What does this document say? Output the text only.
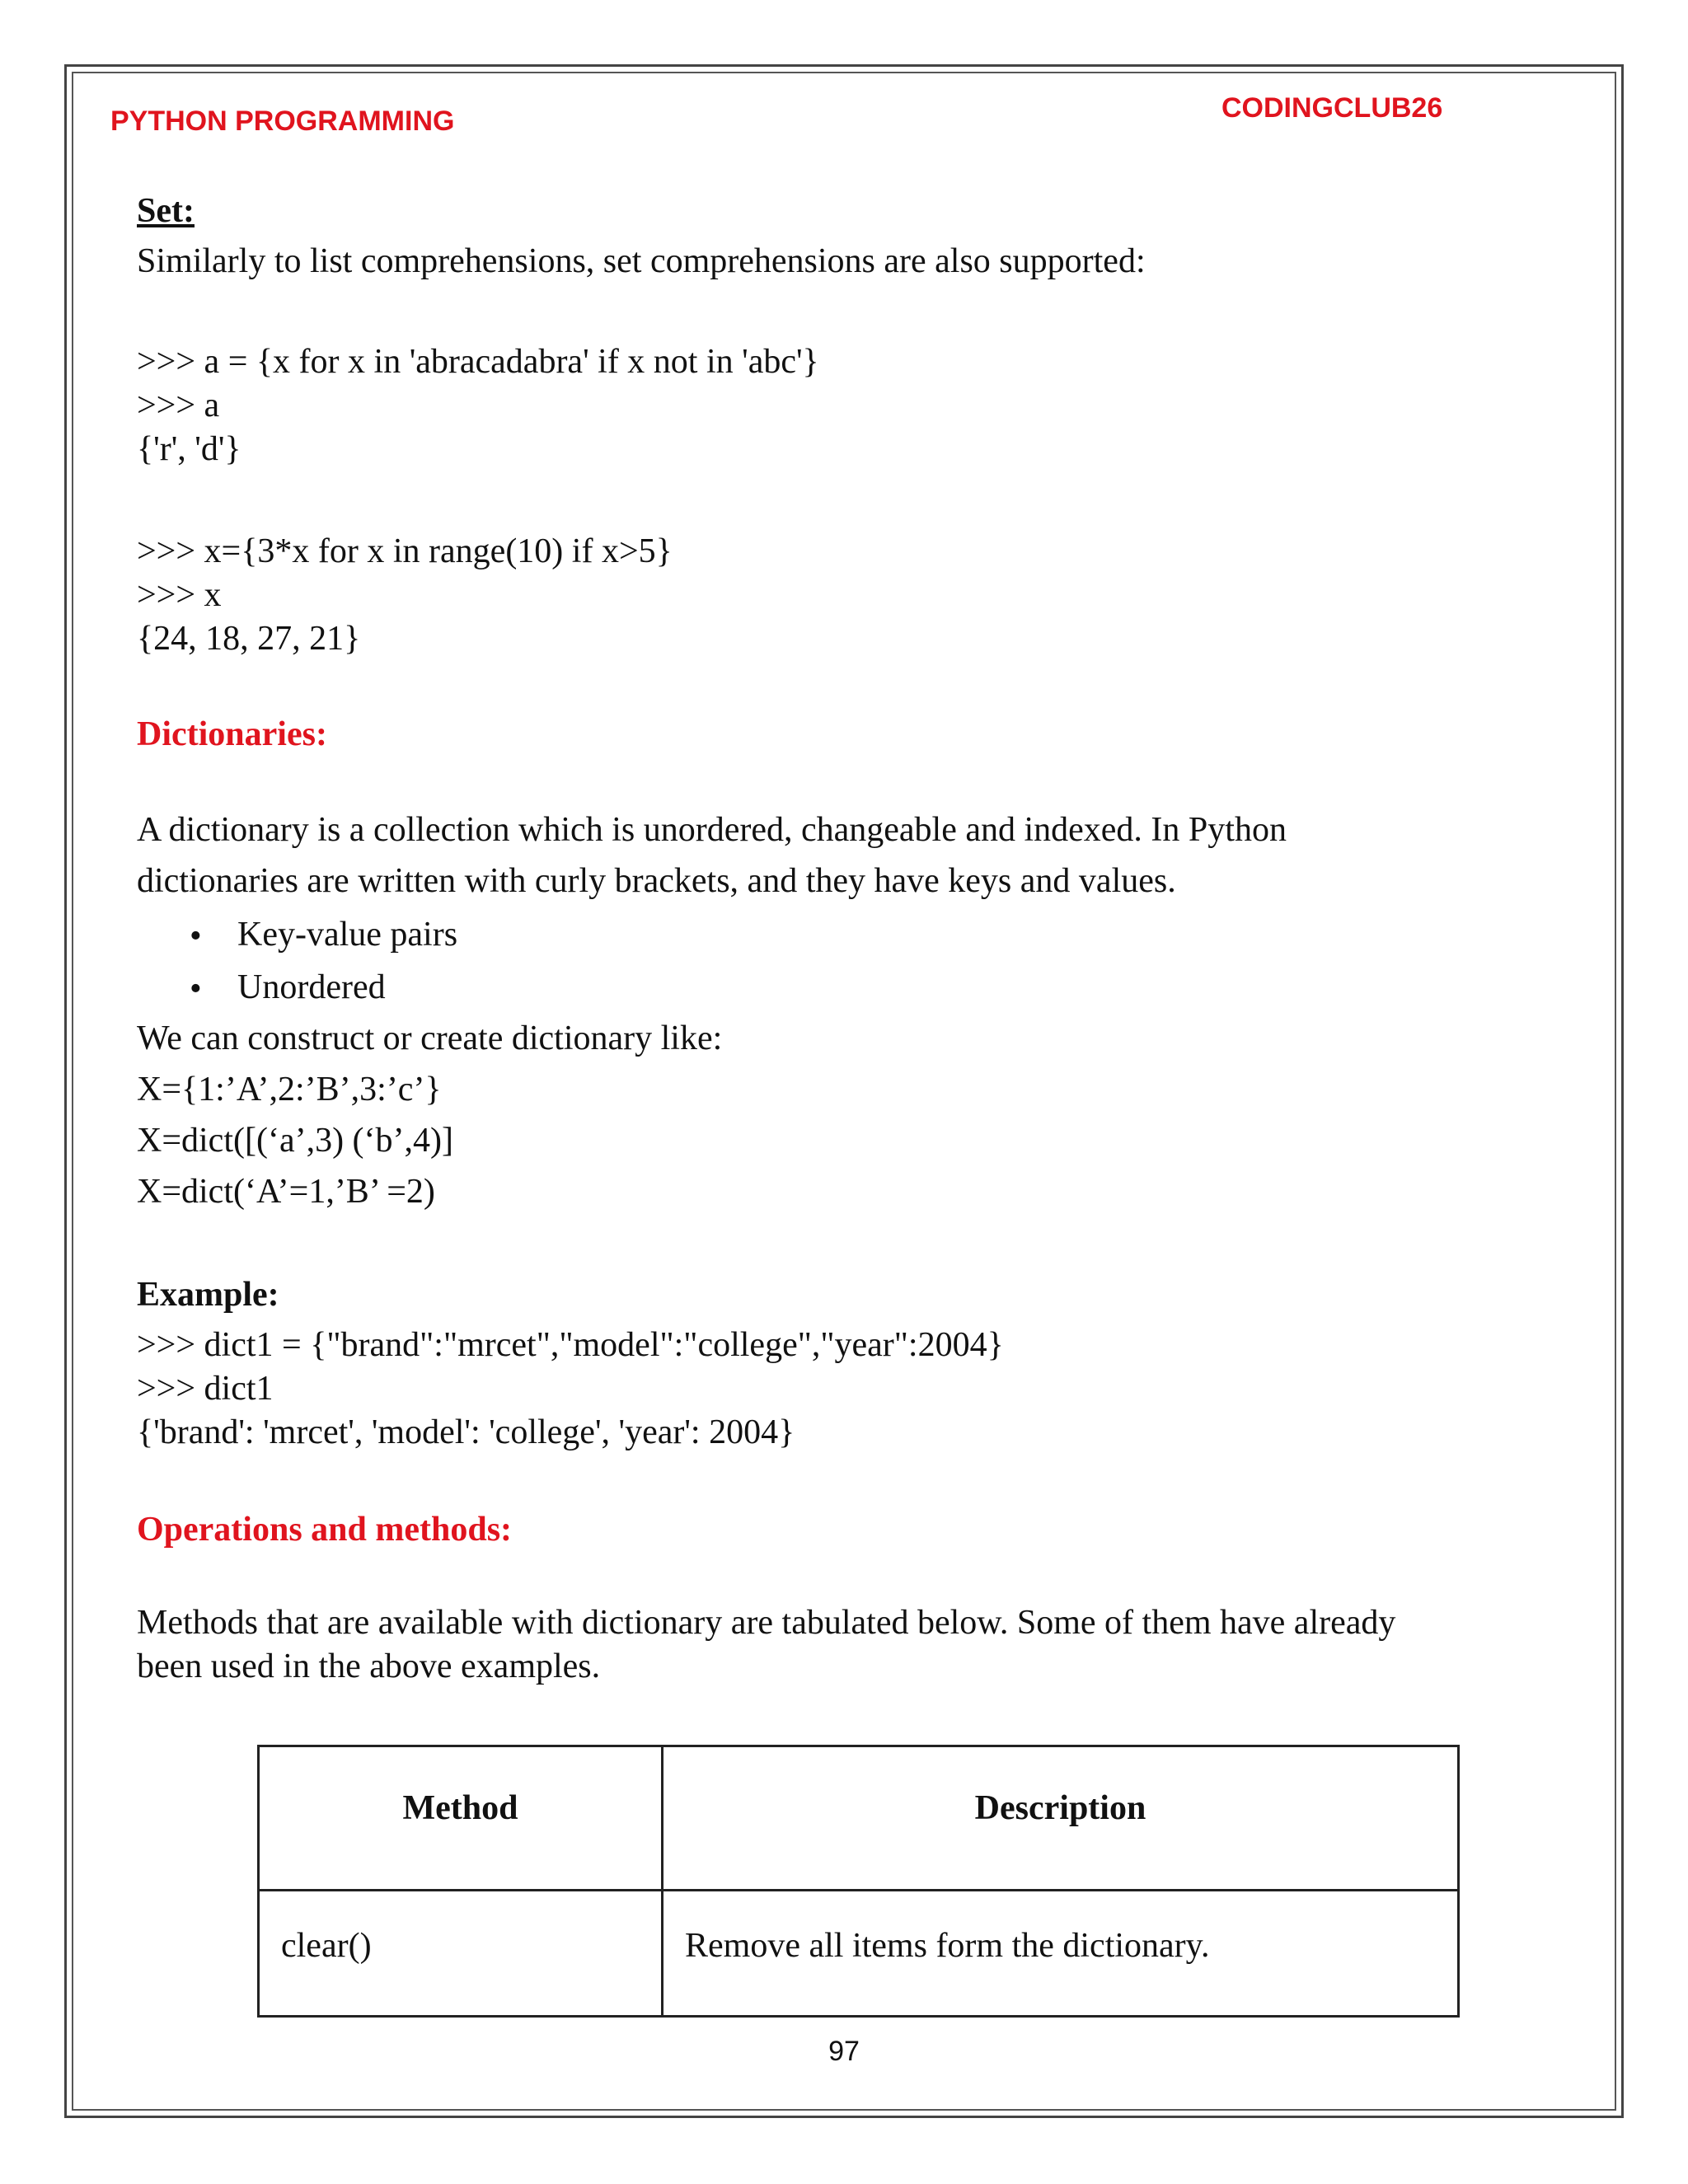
PYTHON PROGRAMMING	CODINGCLUB26
Set:
Similarly to list comprehensions, set comprehensions are also supported:
>>> a = {x for x in 'abracadabra' if x not in 'abc'}
>>> a
{'r', 'd'}
>>> x={3*x for x in range(10) if x>5}
>>> x
{24, 18, 27, 21}
Dictionaries:
A dictionary is a collection which is unordered, changeable and indexed. In Python
dictionaries are written with curly brackets, and they have keys and values.
• Key-value pairs
• Unordered
We can construct or create dictionary like:
X={1:’A’,2:’B’,3:’c’}
X=dict([(‘a’,3) (‘b’,4)]
X=dict(‘A’=1,’B’ =2)
Example:
>>> dict1 = {"brand":"mrcet","model":"college","year":2004}
>>> dict1
{'brand': 'mrcet', 'model': 'college', 'year': 2004}
Operations and methods:
Methods that are available with dictionary are tabulated below. Some of them have already
been used in the above examples.
Method	Description
clear()	Remove all items form the dictionary.
97
